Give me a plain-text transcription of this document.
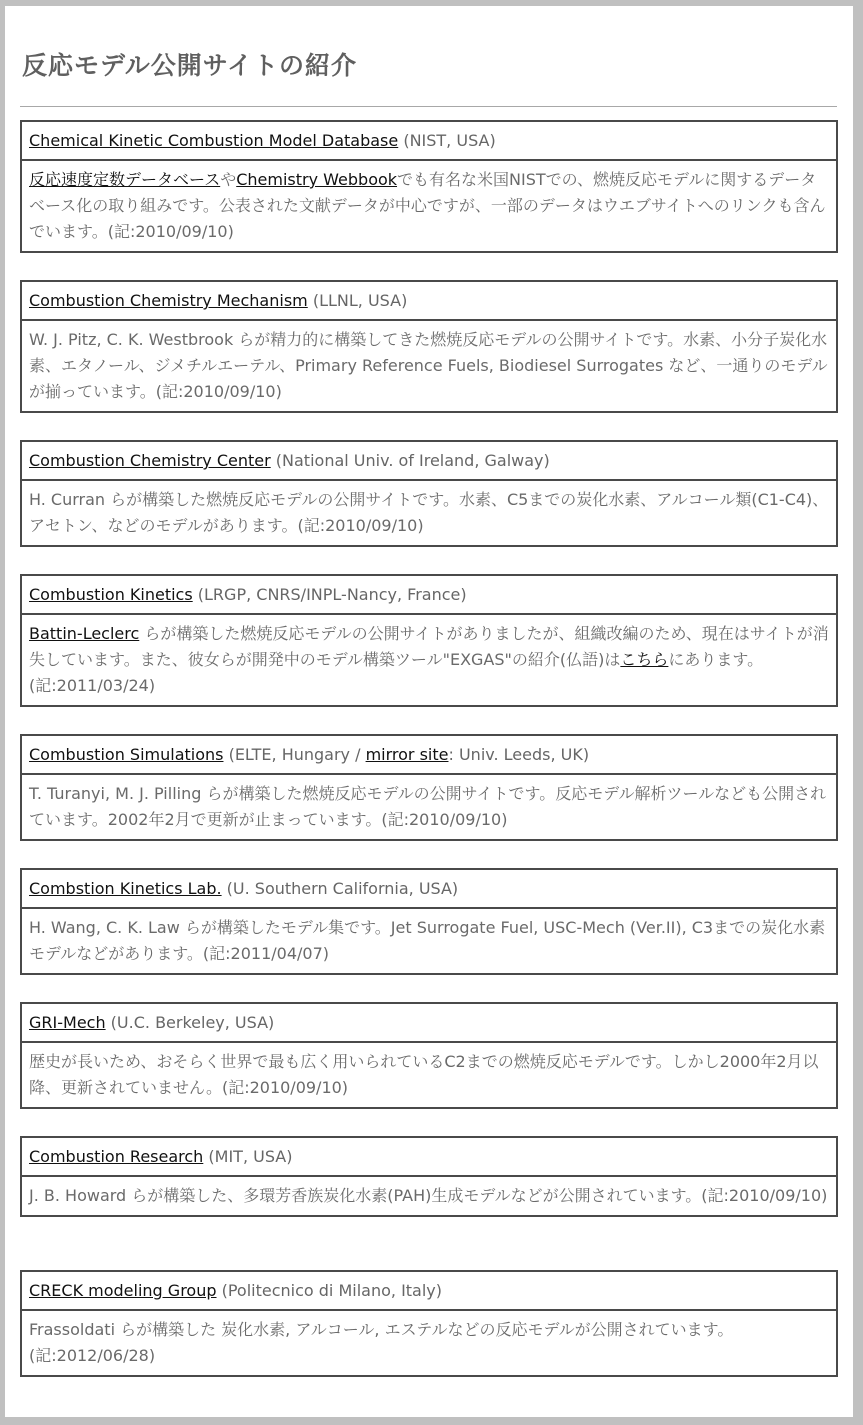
反応モデル公開サイトの紹介
Chemical Kinetic Combustion Model Database (NIST, USA)
反応速度定数データベースやChemistry Webbookでも有名な米国NISTでの、燃焼反応モデルに関するデータベース化の取り組みです。公表された文献データが中心ですが、一部のデータはウエブサイトへのリンクも含んでいます。(記:2010/09/10)
Combustion Chemistry Mechanism (LLNL, USA)
W. J. Pitz, C. K. Westbrook らが精力的に構築してきた燃焼反応モデルの公開サイトです。水素、小分子炭化水素、エタノール、ジメチルエーテル、Primary Reference Fuels, Biodiesel Surrogates など、一通りのモデルが揃っています。(記:2010/09/10)
Combustion Chemistry Center (National Univ. of Ireland, Galway)
H. Curran らが構築した燃焼反応モデルの公開サイトです。水素、C5までの炭化水素、アルコール類(C1-C4)、アセトン、などのモデルがあります。(記:2010/09/10)
Combustion Kinetics (LRGP, CNRS/INPL-Nancy, France)
Battin-Leclerc らが構築した燃焼反応モデルの公開サイトがありましたが、組織改編のため、現在はサイトが消失しています。また、彼女らが開発中のモデル構築ツール"EXGAS"の紹介(仏語)はこちらにあります。(記:2011/03/24)
Combustion Simulations (ELTE, Hungary / mirror site: Univ. Leeds, UK)
T. Turanyi, M. J. Pilling らが構築した燃焼反応モデルの公開サイトです。反応モデル解析ツールなども公開されています。2002年2月で更新が止まっています。(記:2010/09/10)
Combstion Kinetics Lab. (U. Southern California, USA)
H. Wang, C. K. Law らが構築したモデル集です。Jet Surrogate Fuel, USC-Mech (Ver.II), C3までの炭化水素モデルなどがあります。(記:2011/04/07)
GRI-Mech (U.C. Berkeley, USA)
歴史が長いため、おそらく世界で最も広く用いられているC2までの燃焼反応モデルです。しかし2000年2月以降、更新されていません。(記:2010/09/10)
Combustion Research (MIT, USA)
J. B. Howard らが構築した、多環芳香族炭化水素(PAH)生成モデルなどが公開されています。(記:2010/09/10)
CRECK modeling Group (Politecnico di Milano, Italy)
Frassoldati らが構築した 炭化水素, アルコール, エステルなどの反応モデルが公開されています。(記:2012/06/28)
